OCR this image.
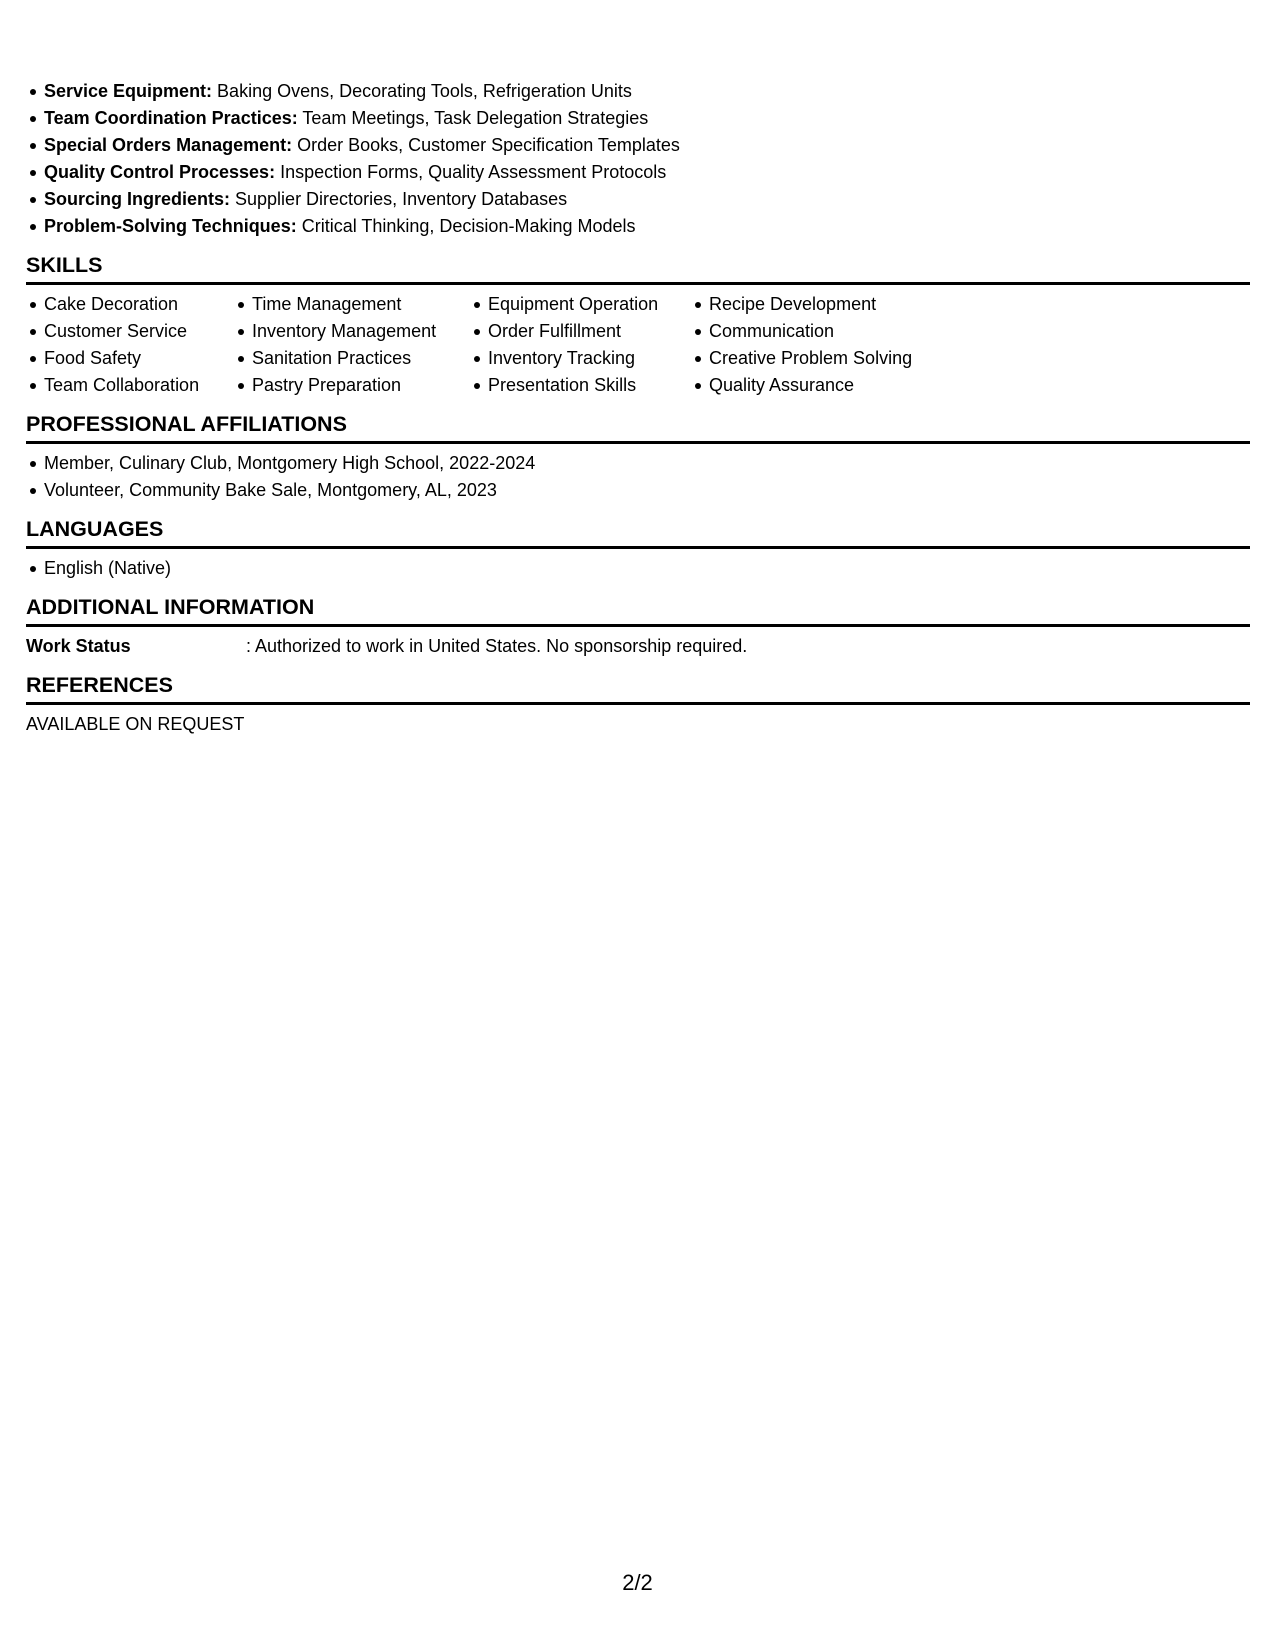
Service Equipment: Baking Ovens, Decorating Tools, Refrigeration Units
Team Coordination Practices: Team Meetings, Task Delegation Strategies
Special Orders Management: Order Books, Customer Specification Templates
Quality Control Processes: Inspection Forms, Quality Assessment Protocols
Sourcing Ingredients: Supplier Directories, Inventory Databases
Problem-Solving Techniques: Critical Thinking, Decision-Making Models
SKILLS
Cake Decoration
Customer Service
Food Safety
Team Collaboration
Time Management
Inventory Management
Sanitation Practices
Pastry Preparation
Equipment Operation
Order Fulfillment
Inventory Tracking
Presentation Skills
Recipe Development
Communication
Creative Problem Solving
Quality Assurance
PROFESSIONAL AFFILIATIONS
Member, Culinary Club, Montgomery High School, 2022-2024
Volunteer, Community Bake Sale, Montgomery, AL, 2023
LANGUAGES
English (Native)
ADDITIONAL INFORMATION
Work Status	: Authorized to work in United States. No sponsorship required.
REFERENCES
AVAILABLE ON REQUEST
2/2
